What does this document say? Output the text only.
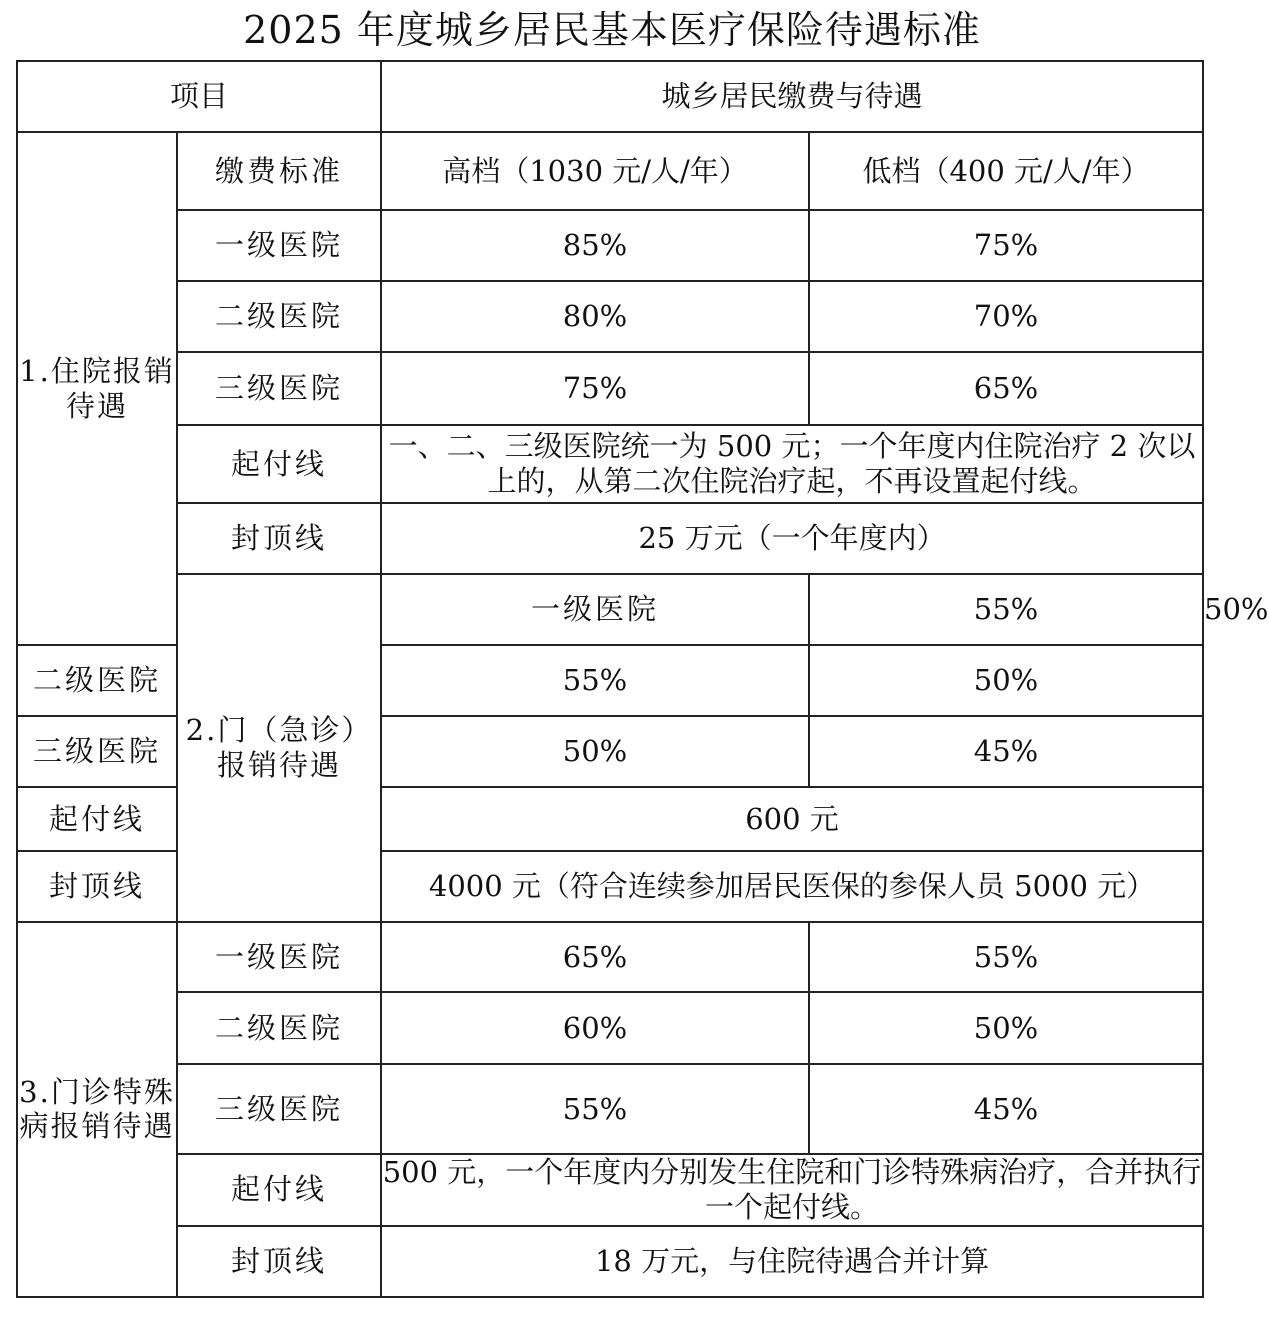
2025 年度城乡居民基本医疗保险待遇标准
项目		城乡居民缴费与待遇		
1.住院报销待遇	缴费标准	高档（1030 元/人/年）	低档（400 元/人/年）	
	一级医院	85%	75%	
	二级医院	80%	70%	
	三级医院	75%	65%	
	起付线	一、二、三级医院统一为 500 元；一个年度内住院治疗 2 次以上的，从第二次住院治疗起，不再设置起付线。		
	封顶线	25 万元（一个年度内）		
	2.门（急诊）报销待遇	一级医院	55%	50%
二级医院		55%	50%	
三级医院		50%	45%	
起付线		600 元		
封顶线		4000 元（符合连续参加居民医保的参保人员 5000 元）		
3.门诊特殊病报销待遇	一级医院	65%	55%	
	二级医院	60%	50%	
	三级医院	55%	45%	
	起付线	500 元，一个年度内分别发生住院和门诊特殊病治疗，合并执行一个起付线。		
	封顶线	18 万元，与住院待遇合并计算		
